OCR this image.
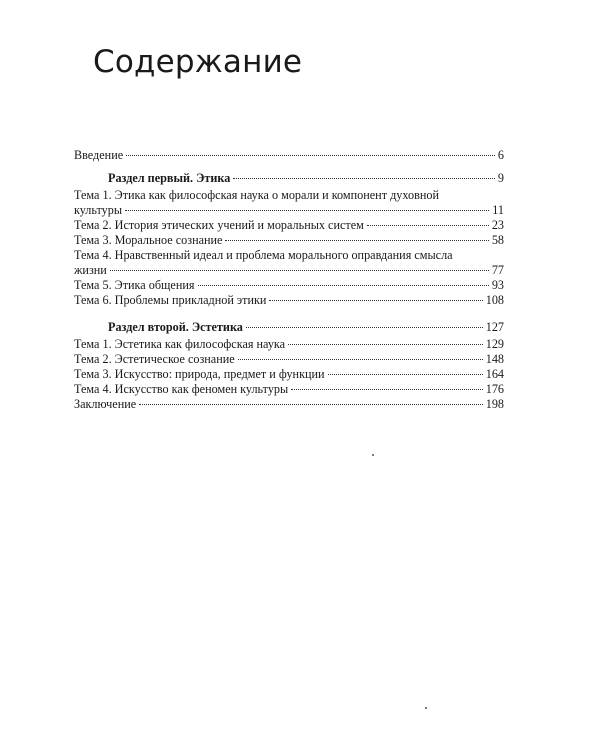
Содержание
Введение	6
Раздел первый. Этика	9
Тема 1. Этика как философская наука о морали и компонент духовной
культуры	11
Тема 2. История этических учений и моральных систем	23
Тема 3. Моральное сознание	58
Тема 4. Нравственный идеал и проблема морального оправдания смысла
жизни	77
Тема 5. Этика общения	93
Тема 6. Проблемы прикладной этики	108
Раздел второй. Эстетика	127
Тема 1. Эстетика как философская наука	129
Тема 2. Эстетическое сознание	148
Тема 3. Искусство: природа, предмет и функции	164
Тема 4. Искусство как феномен культуры	176
Заключение	198
